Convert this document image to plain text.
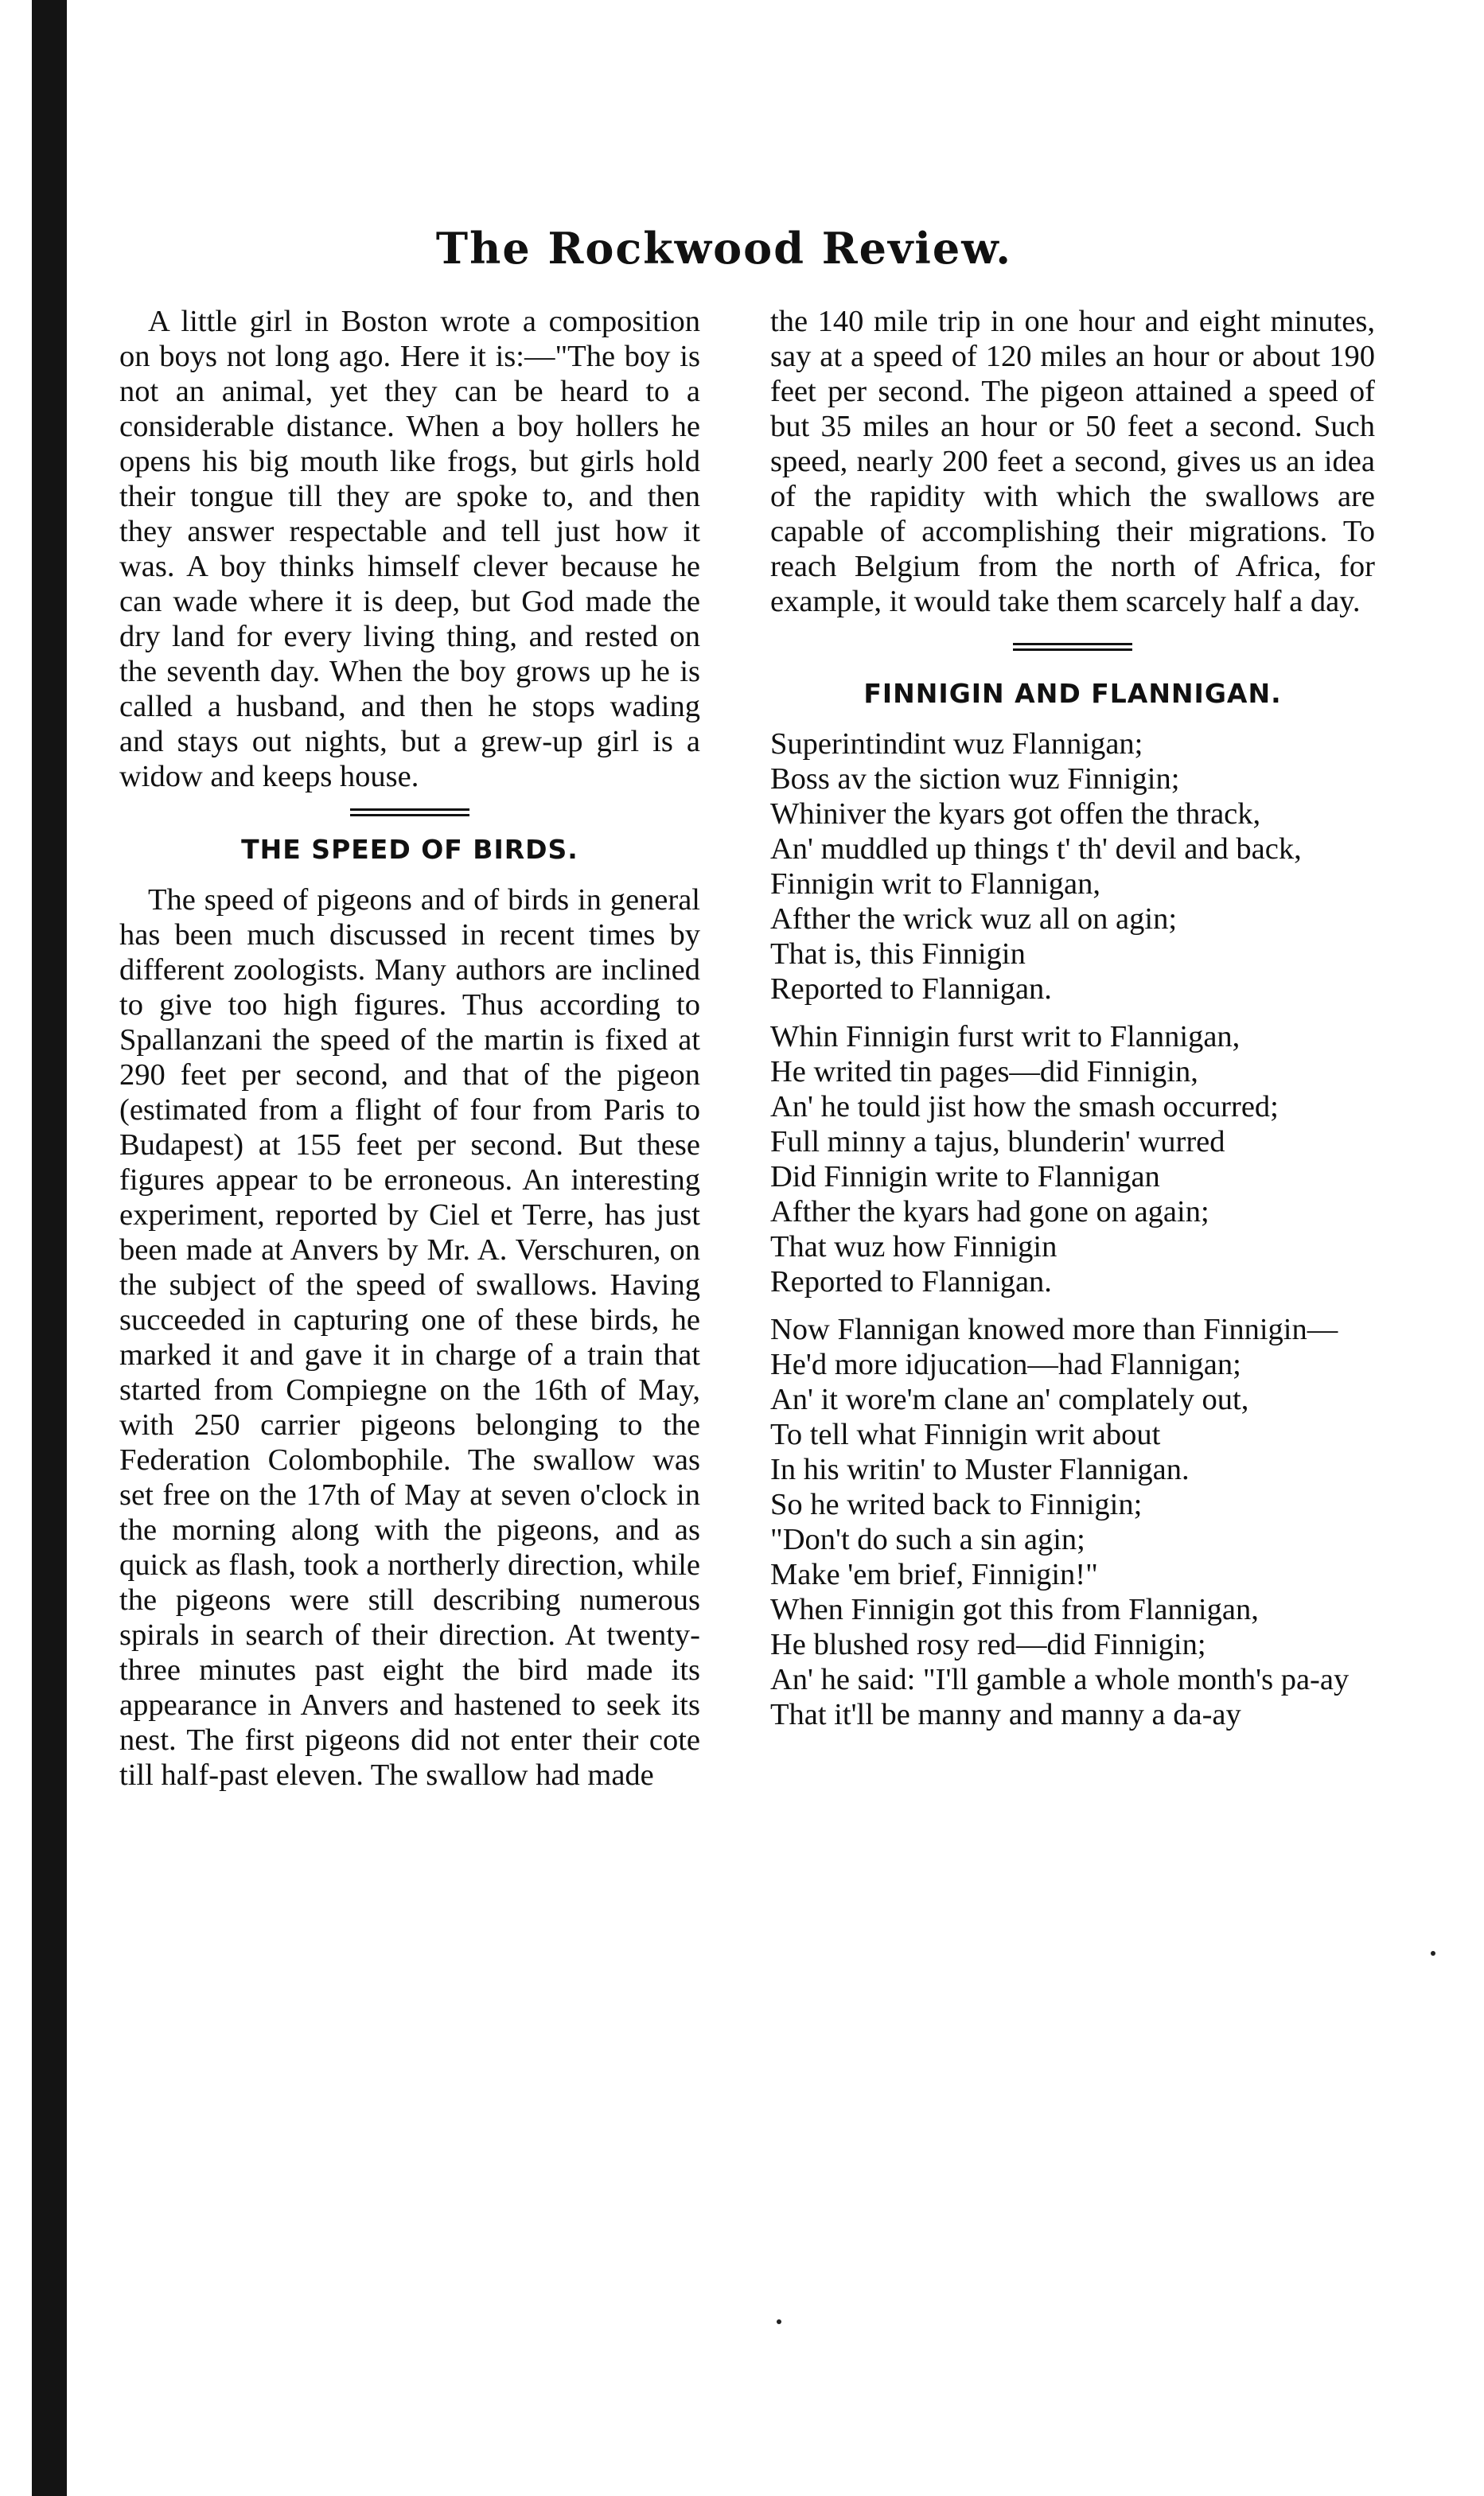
The Rockwood Review.

A little girl in Boston wrote a composition on boys not long ago. Here it is:—"The boy is not an animal, yet they can be heard to a considerable distance. When a boy hollers he opens his big mouth like frogs, but girls hold their tongue till they are spoke to, and then they answer respectable and tell just how it was. A boy thinks himself clever because he can wade where it is deep, but God made the dry land for every living thing, and rested on the seventh day. When the boy grows up he is called a husband, and then he stops wading and stays out nights, but a grew-up girl is a widow and keeps house.

THE SPEED OF BIRDS.

The speed of pigeons and of birds in general has been much discussed in recent times by different zoologists. Many authors are inclined to give too high figures. Thus according to Spallanzani the speed of the martin is fixed at 290 feet per second, and that of the pigeon (estimated from a flight of four from Paris to Budapest) at 155 feet per second. But these figures appear to be erroneous. An interesting experiment, reported by Ciel et Terre, has just been made at Anvers by Mr. A. Verschuren, on the subject of the speed of swallows. Having succeeded in capturing one of these birds, he marked it and gave it in charge of a train that started from Compiegne on the 16th of May, with 250 carrier pigeons belonging to the Federation Colombophile. The swallow was set free on the 17th of May at seven o'clock in the morning along with the pigeons, and as quick as flash, took a northerly direction, while the pigeons were still describing numerous spirals in search of their direction. At twenty-three minutes past eight the bird made its appearance in Anvers and hastened to seek its nest. The first pigeons did not enter their cote till half-past eleven. The swallow had made

the 140 mile trip in one hour and eight minutes, say at a speed of 120 miles an hour or about 190 feet per second. The pigeon attained a speed of but 35 miles an hour or 50 feet a second. Such speed, nearly 200 feet a second, gives us an idea of the rapidity with which the swallows are capable of accomplishing their migrations. To reach Belgium from the north of Africa, for example, it would take them scarcely half a day.

FINNIGIN AND FLANNIGAN.
Superintindint wuz Flannigan;
Boss av the siction wuz Finnigin;
Whiniver the kyars got offen the thrack,
An' muddled up things t' th' devil and back,
Finnigin writ to Flannigan,
Afther the wrick wuz all on agin;
That is, this Finnigin
Reported to Flannigan.
Whin Finnigin furst writ to Flannigan,
He writed tin pages—did Finnigin,
An' he tould jist how the smash occurred;
Full minny a tajus, blunderin' wurred
Did Finnigin write to Flannigan
Afther the kyars had gone on again;
That wuz how Finnigin
Reported to Flannigan.
Now Flannigan knowed more than Finnigin—
He'd more idjucation—had Flannigan;
An' it wore'm clane an' complately out,
To tell what Finnigin writ about
In his writin' to Muster Flannigan.
So he writed back to Finnigin;
"Don't do such a sin agin;
Make 'em brief, Finnigin!"
When Finnigin got this from Flannigan,
He blushed rosy red—did Finnigin;
An' he said: "I'll gamble a whole month's pa-ay
That it'll be manny and manny a da-ay
